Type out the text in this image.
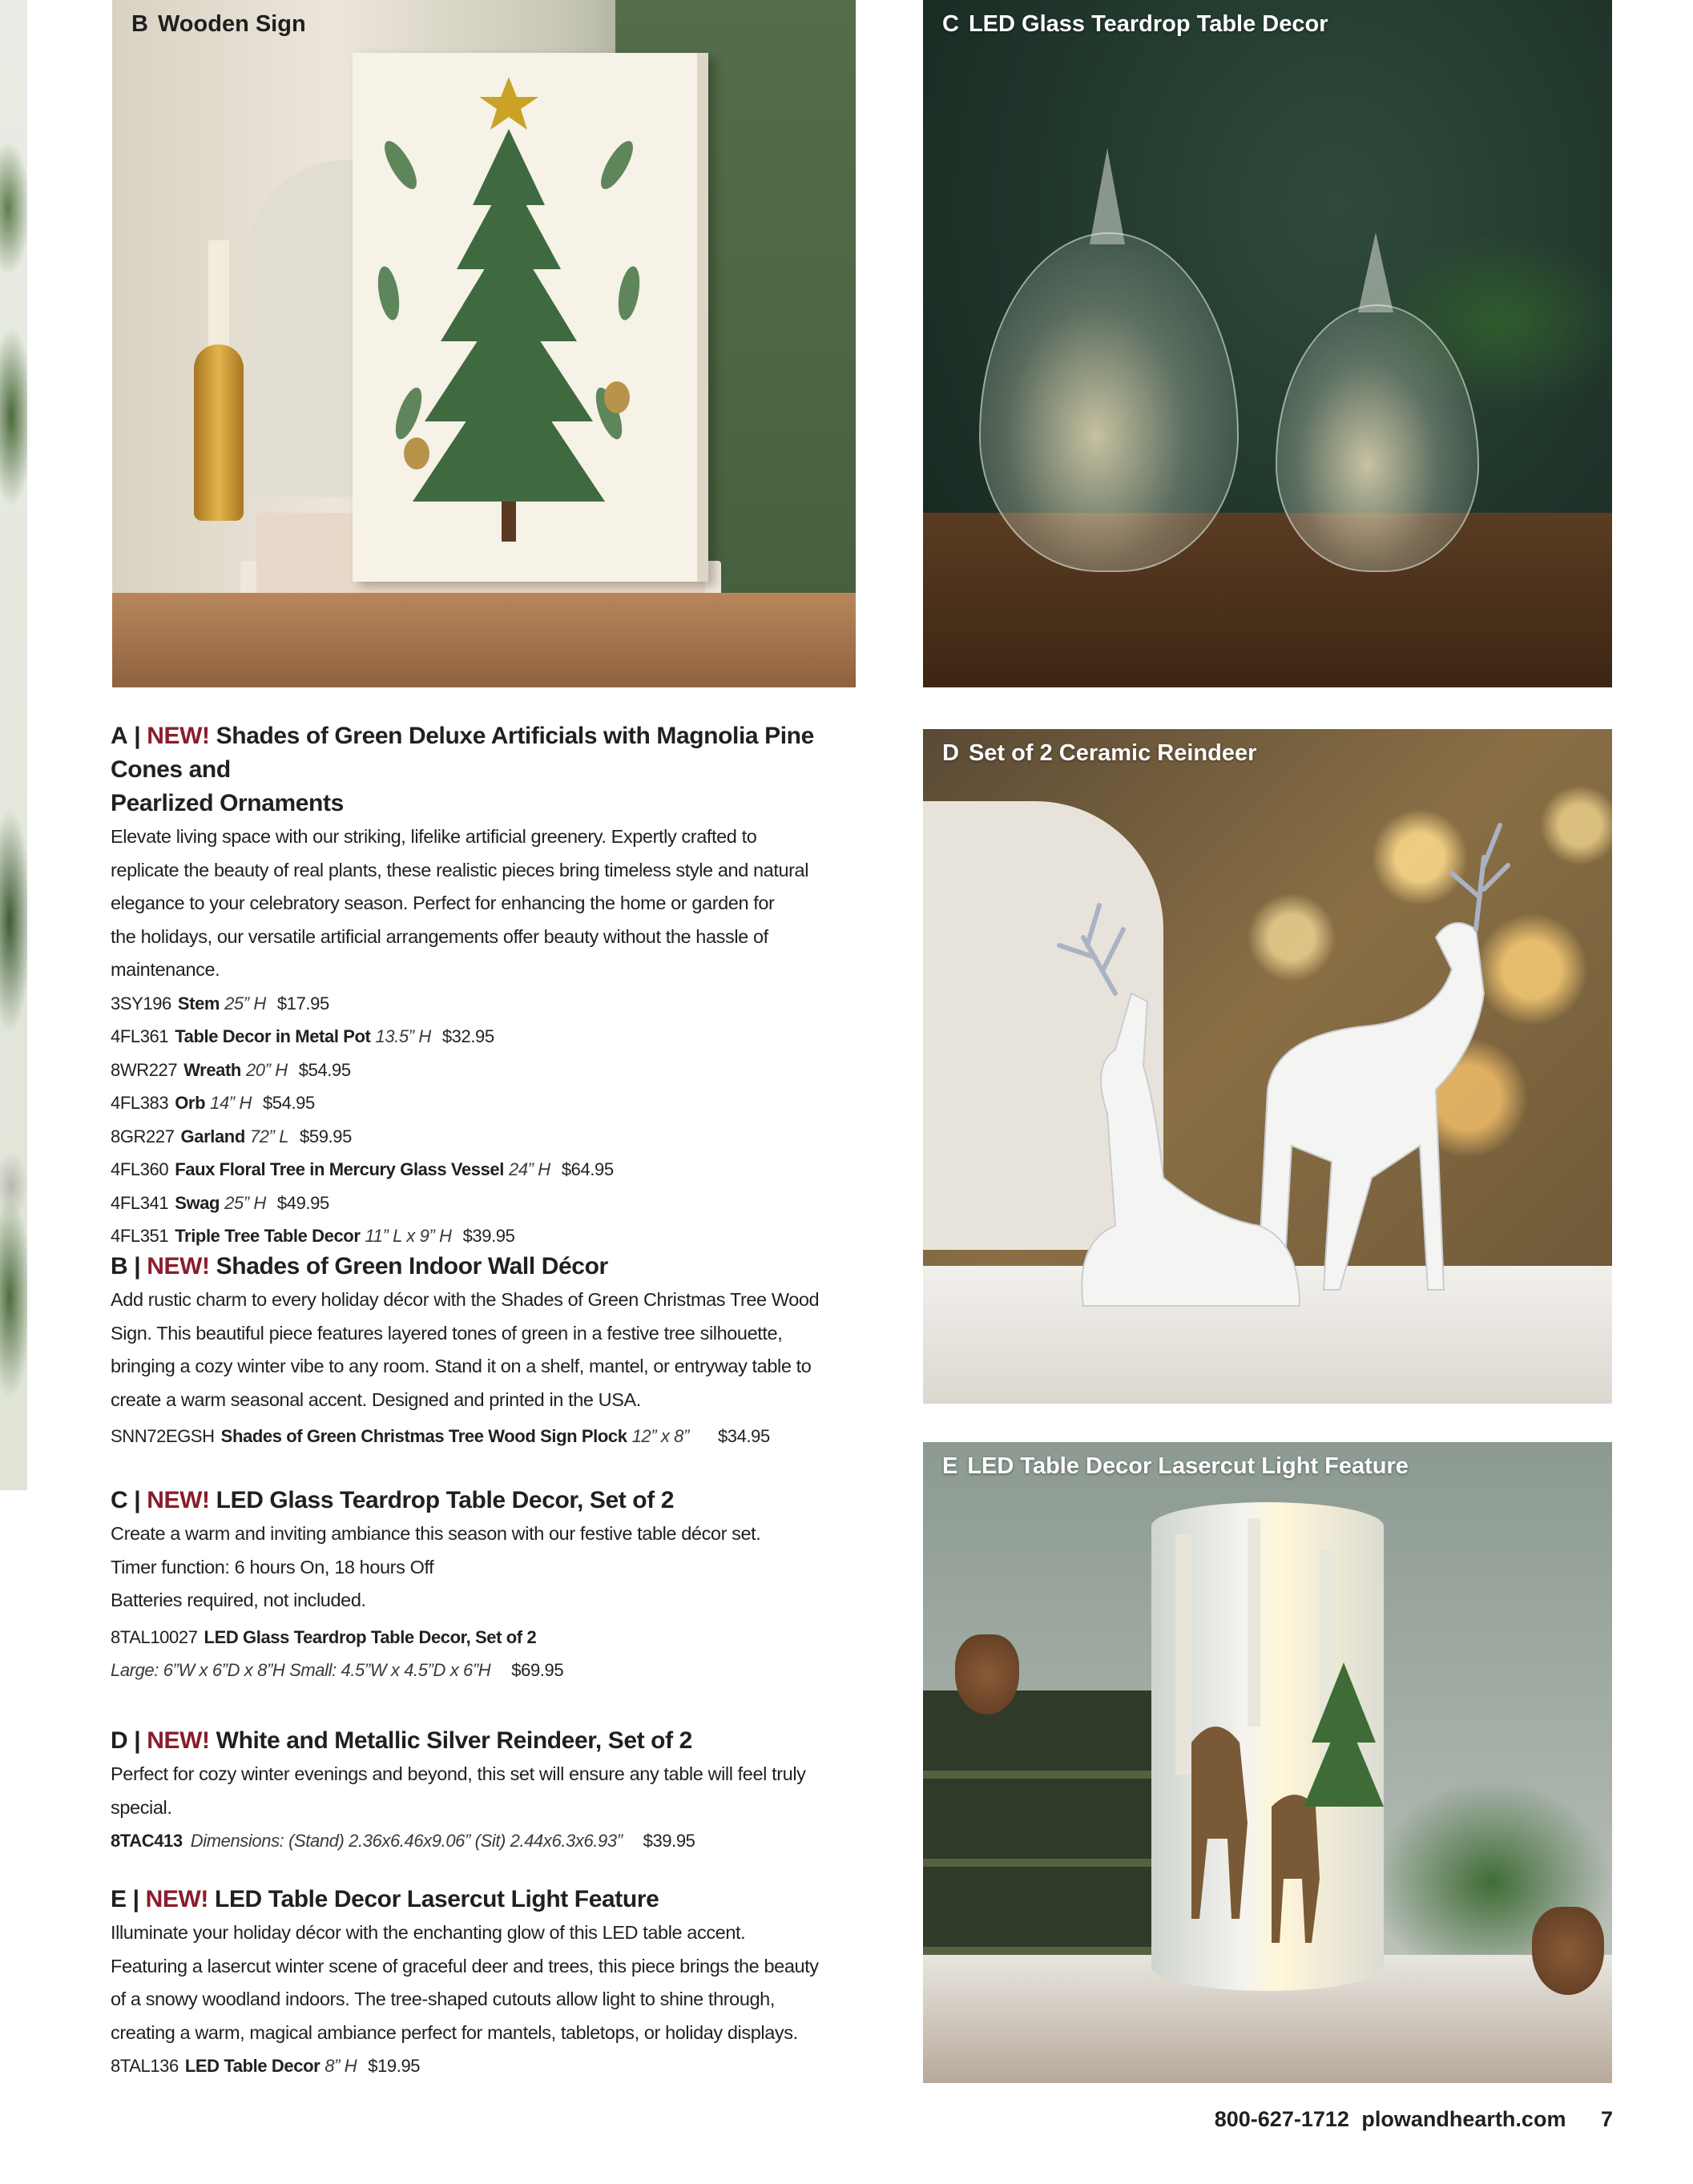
B Wooden Sign	C LED Glass Teardrop Table Decor
D Set of 2 Ceramic Reindeer
E LED Table Decor Lasercut Light Feature
A | NEW! Shades of Green Deluxe Artificials with Magnolia Pine Cones and
Pearlized Ornaments
Elevate living space with our striking, lifelike artificial greenery. Expertly crafted to
replicate the beauty of real plants, these realistic pieces bring timeless style and natural
elegance to your celebratory season. Perfect for enhancing the home or garden for
the holidays, our versatile artificial arrangements offer beauty without the hassle of
maintenance.
3SY196 Stem 25” H $17.95
4FL361 Table Decor in Metal Pot 13.5” H $32.95
8WR227 Wreath 20” H $54.95
4FL383 Orb 14” H $54.95
8GR227 Garland 72” L $59.95
4FL360 Faux Floral Tree in Mercury Glass Vessel 24” H $64.95
4FL341 Swag 25” H $49.95
4FL351 Triple Tree Table Decor 11” L x 9” H $39.95
B | NEW! Shades of Green Indoor Wall Décor
Add rustic charm to every holiday décor with the Shades of Green Christmas Tree Wood
Sign. This beautiful piece features layered tones of green in a festive tree silhouette,
bringing a cozy winter vibe to any room. Stand it on a shelf, mantel, or entryway table to
create a warm seasonal accent. Designed and printed in the USA.
SNN72EGSH Shades of Green Christmas Tree Wood Sign Plock 12” x 8” $34.95
C | NEW! LED Glass Teardrop Table Decor, Set of 2
Create a warm and inviting ambiance this season with our festive table décor set.
Timer function: 6 hours On, 18 hours Off
Batteries required, not included.
8TAL10027 LED Glass Teardrop Table Decor, Set of 2
Large: 6”W x 6”D x 8”H Small: 4.5”W x 4.5”D x 6”H $69.95
D | NEW! White and Metallic Silver Reindeer, Set of 2
Perfect for cozy winter evenings and beyond, this set will ensure any table will feel truly
special.
8TAC413 Dimensions: (Stand) 2.36x6.46x9.06” (Sit) 2.44x6.3x6.93” $39.95
E | NEW! LED Table Decor Lasercut Light Feature
Illuminate your holiday décor with the enchanting glow of this LED table accent.
Featuring a lasercut winter scene of graceful deer and trees, this piece brings the beauty
of a snowy woodland indoors. The tree-shaped cutouts allow light to shine through,
creating a warm, magical ambiance perfect for mantels, tabletops, or holiday displays.
8TAL136 LED Table Decor 8” H $19.95
800-627-1712 plowandhearth.com 7
